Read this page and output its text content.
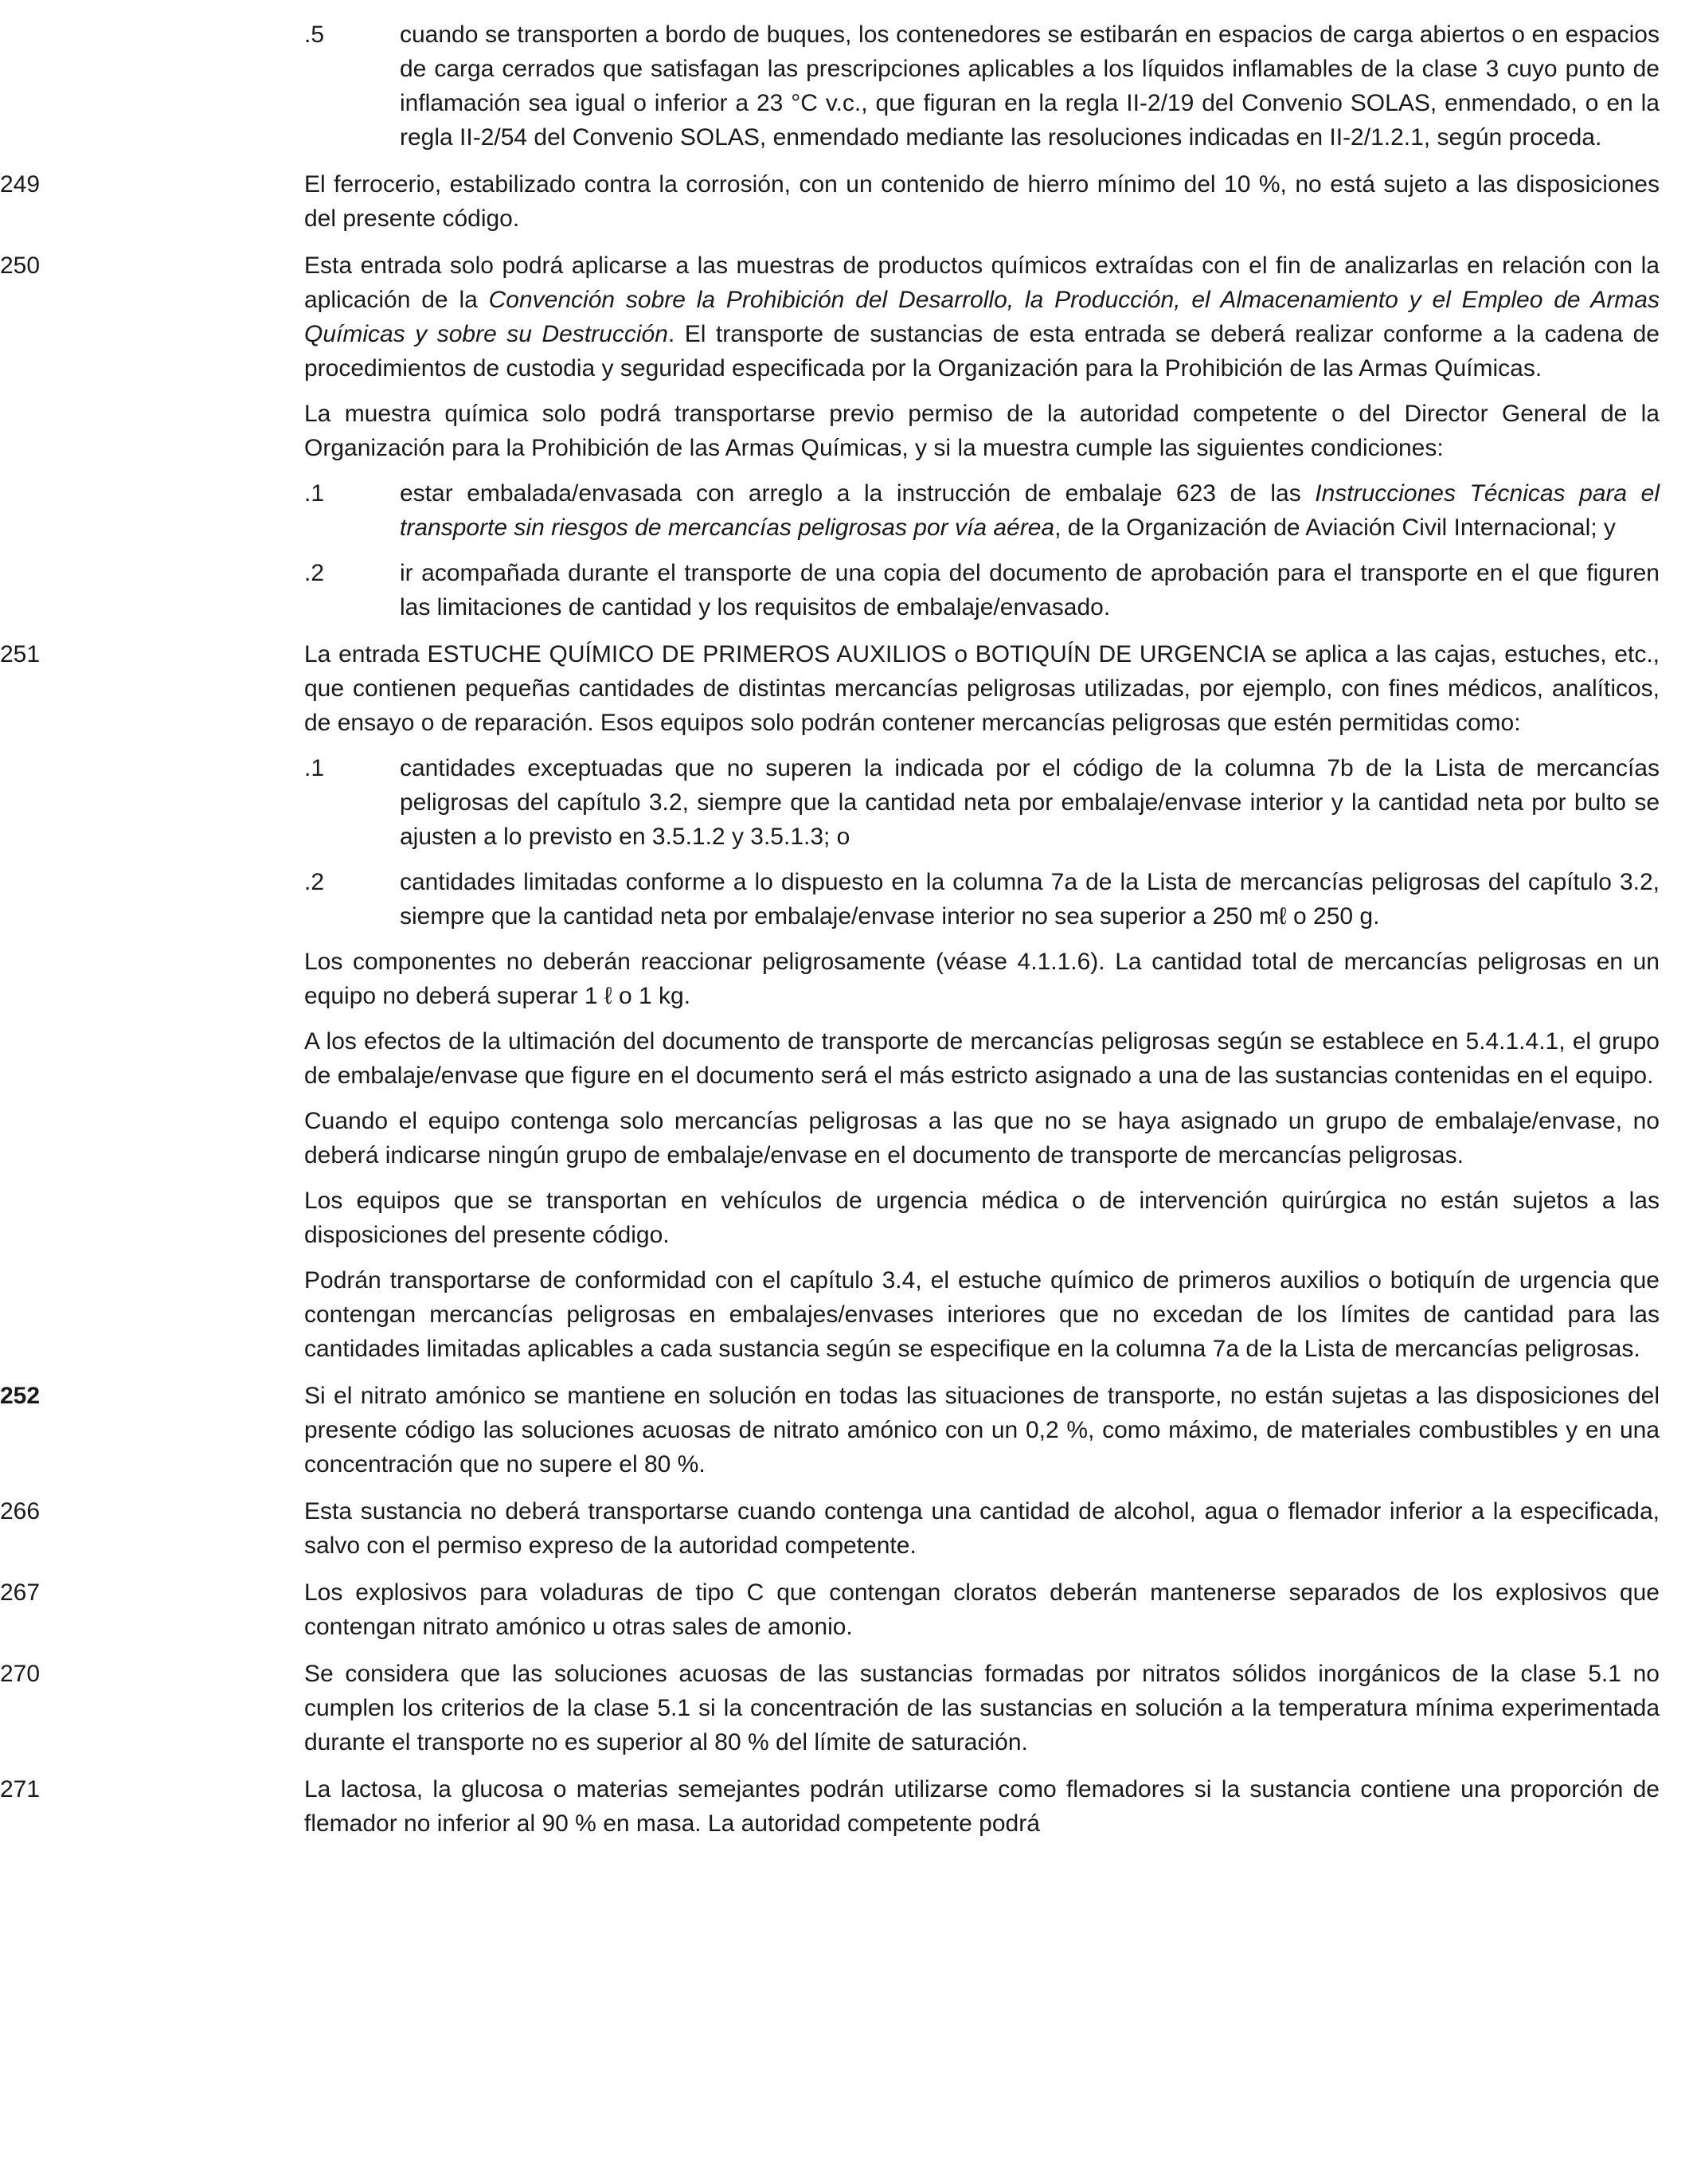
.5	cuando se transporten a bordo de buques, los contenedores se estibarán en espacios de carga abiertos o en espacios de carga cerrados que satisfagan las prescripciones aplicables a los líquidos inflamables de la clase 3 cuyo punto de inflamación sea igual o inferior a 23 °C v.c., que figuran en la regla II-2/19 del Convenio SOLAS, enmendado, o en la regla II-2/54 del Convenio SOLAS, enmendado mediante las resoluciones indicadas en II-2/1.2.1, según proceda.
249	El ferrocerio, estabilizado contra la corrosión, con un contenido de hierro mínimo del 10 %, no está sujeto a las disposiciones del presente código.

250	Esta entrada solo podrá aplicarse a las muestras de productos químicos extraídas con el fin de analizarlas en relación con la aplicación de la Convención sobre la Prohibición del Desarrollo, la Producción, el Almacenamiento y el Empleo de Armas Químicas y sobre su Destrucción. El transporte de sustancias de esta entrada se deberá realizar conforme a la cadena de procedimientos de custodia y seguridad especificada por la Organización para la Prohibición de las Armas Químicas.

La muestra química solo podrá transportarse previo permiso de la autoridad competente o del Director General de la Organización para la Prohibición de las Armas Químicas, y si la muestra cumple las siguientes condiciones:

.1	estar embalada/envasada con arreglo a la instrucción de embalaje 623 de las Instrucciones Técnicas para el transporte sin riesgos de mercancías peligrosas por vía aérea, de la Organización de Aviación Civil Internacional; y
.2	ir acompañada durante el transporte de una copia del documento de aprobación para el transporte en el que figuren las limitaciones de cantidad y los requisitos de embalaje/envasado.
251	La entrada ESTUCHE QUÍMICO DE PRIMEROS AUXILIOS o BOTIQUÍN DE URGENCIA se aplica a las cajas, estuches, etc., que contienen pequeñas cantidades de distintas mercancías peligrosas utilizadas, por ejemplo, con fines médicos, analíticos, de ensayo o de reparación. Esos equipos solo podrán contener mercancías peligrosas que estén permitidas como:

.1	cantidades exceptuadas que no superen la indicada por el código de la columna 7b de la Lista de mercancías peligrosas del capítulo 3.2, siempre que la cantidad neta por embalaje/envase interior y la cantidad neta por bulto se ajusten a lo previsto en 3.5.1.2 y 3.5.1.3; o
.2	cantidades limitadas conforme a lo dispuesto en la columna 7a de la Lista de mercancías peligrosas del capítulo 3.2, siempre que la cantidad neta por embalaje/envase interior no sea superior a 250 mℓ o 250 g.

Los componentes no deberán reaccionar peligrosamente (véase 4.1.1.6). La cantidad total de mercancías peligrosas en un equipo no deberá superar 1 ℓ o 1 kg.

A los efectos de la ultimación del documento de transporte de mercancías peligrosas según se establece en 5.4.1.4.1, el grupo de embalaje/envase que figure en el documento será el más estricto asignado a una de las sustancias contenidas en el equipo.

Cuando el equipo contenga solo mercancías peligrosas a las que no se haya asignado un grupo de embalaje/envase, no deberá indicarse ningún grupo de embalaje/envase en el documento de transporte de mercancías peligrosas.

Los equipos que se transportan en vehículos de urgencia médica o de intervención quirúrgica no están sujetos a las disposiciones del presente código.

Podrán transportarse de conformidad con el capítulo 3.4, el estuche químico de primeros auxilios o botiquín de urgencia que contengan mercancías peligrosas en embalajes/envases interiores que no excedan de los límites de cantidad para las cantidades limitadas aplicables a cada sustancia según se especifique en la columna 7a de la Lista de mercancías peligrosas.

252	Si el nitrato amónico se mantiene en solución en todas las situaciones de transporte, no están sujetas a las disposiciones del presente código las soluciones acuosas de nitrato amónico con un 0,2 %, como máximo, de materiales combustibles y en una concentración que no supere el 80 %.

266	Esta sustancia no deberá transportarse cuando contenga una cantidad de alcohol, agua o flemador inferior a la especificada, salvo con el permiso expreso de la autoridad competente.

267	Los explosivos para voladuras de tipo C que contengan cloratos deberán mantenerse separados de los explosivos que contengan nitrato amónico u otras sales de amonio.

270	Se considera que las soluciones acuosas de las sustancias formadas por nitratos sólidos inorgánicos de la clase 5.1 no cumplen los criterios de la clase 5.1 si la concentración de las sustancias en solución a la temperatura mínima experimentada durante el transporte no es superior al 80 % del límite de saturación.

271	La lactosa, la glucosa o materias semejantes podrán utilizarse como flemadores si la sustancia contiene una proporción de flemador no inferior al 90 % en masa. La autoridad competente podrá
